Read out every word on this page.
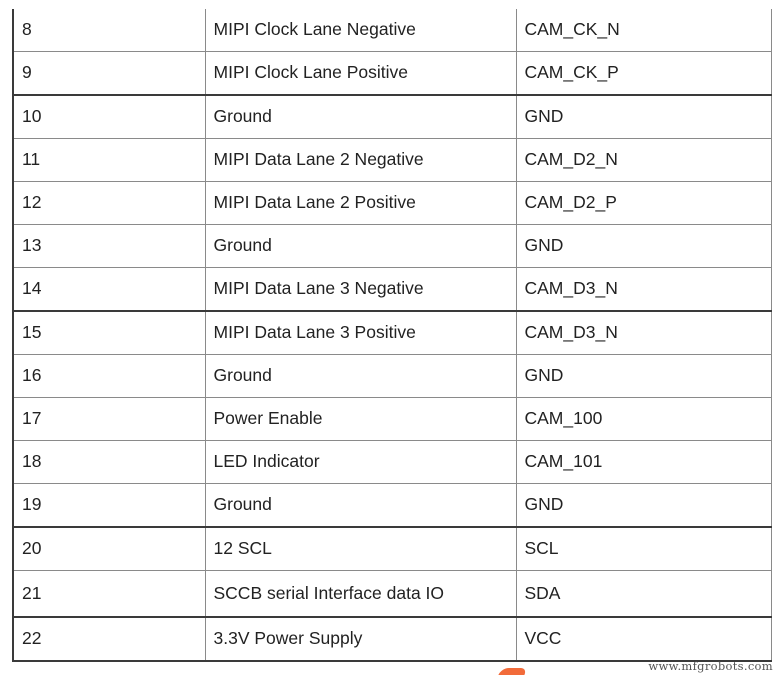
8	MIPI Clock Lane Negative	CAM_CK_N
9	MIPI Clock Lane Positive	CAM_CK_P
10	Ground	GND
11	MIPI Data Lane 2 Negative	CAM_D2_N
12	MIPI Data Lane 2 Positive	CAM_D2_P
13	Ground	GND
14	MIPI Data Lane 3 Negative	CAM_D3_N
15	MIPI Data Lane 3 Positive	CAM_D3_N
16	Ground	GND
17	Power Enable	CAM_100
18	LED Indicator	CAM_101
19	Ground	GND
20	12 SCL	SCL
21	SCCB serial Interface data IO	SDA
22	3.3V Power Supply	VCC
www.mfgrobots.com
